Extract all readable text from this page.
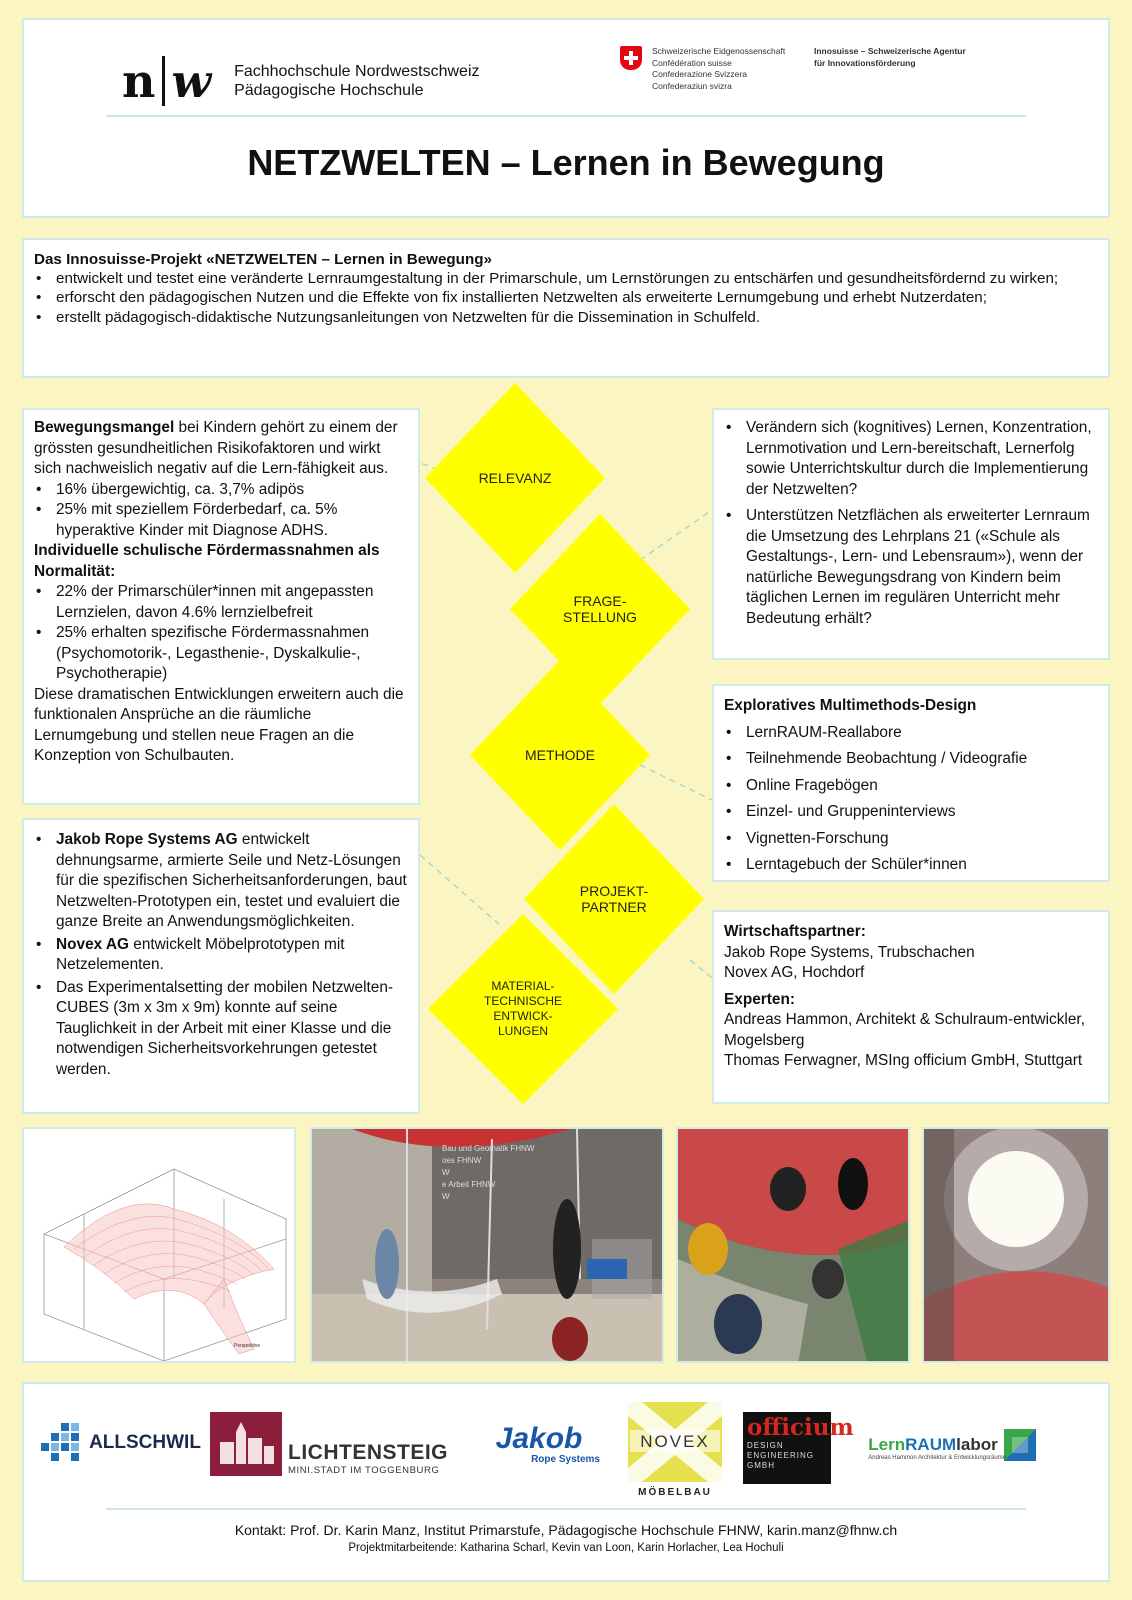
n w Fachhochschule Nordwestschweiz
Pädagogische Hochschule
Schweizerische Eidgenossenschaft
Confédération suisse
Confederazione Svizzera
Confederaziun svizra
Innosuisse – Schweizerische Agentur
für Innovationsförderung
NETZWELTEN – Lernen in Bewegung
Das Innosuisse-Projekt «NETZWELTEN – Lernen in Bewegung»
• entwickelt und testet eine veränderte Lernraumgestaltung in der Primarschule, um Lernstörungen zu entschärfen und gesundheitsfördernd zu wirken;
• erforscht den pädagogischen Nutzen und die Effekte von fix installierten Netzwelten als erweiterte Lernumgebung und erhebt Nutzerdaten;
• erstellt pädagogisch-didaktische Nutzungsanleitungen von Netzwelten für die Dissemination in Schulfeld.
RELEVANZ
FRAGE-
STELLUNG
METHODE
PROJEKT-
PARTNER
MATERIAL-
TECHNISCHE
ENTWICK-
LUNGEN
Bewegungsmangel bei Kindern gehört zu einem der grössten gesundheitlichen Risikofaktoren und wirkt sich nachweislich negativ auf die Lern-fähigkeit aus.
• 16% übergewichtig, ca. 3,7% adipös
• 25% mit speziellem Förderbedarf, ca. 5% hyperaktive Kinder mit Diagnose ADHS.
Individuelle schulische Fördermassnahmen als Normalität:
• 22% der Primarschüler*innen mit angepassten Lernzielen, davon 4.6% lernzielbefreit
• 25% erhalten spezifische Fördermassnahmen (Psychomotorik-, Legasthenie-, Dyskalkulie-, Psychotherapie)
Diese dramatischen Entwicklungen erweitern auch die funktionalen Ansprüche an die räumliche Lernumgebung und stellen neue Fragen an die Konzeption von Schulbauten.
• Jakob Rope Systems AG entwickelt dehnungsarme, armierte Seile und Netz-Lösungen für die spezifischen Sicherheitsanforderungen, baut Netzwelten-Prototypen ein, testet und evaluiert die ganze Breite an Anwendungsmöglichkeiten.
• Novex AG entwickelt Möbelprototypen mit Netzelementen.
• Das Experimentalsetting der mobilen Netzwelten-CUBES (3m x 3m x 9m) konnte auf seine Tauglichkeit in der Arbeit mit einer Klasse und die notwendigen Sicherheitsvorkehrungen getestet werden.
• Verändern sich (kognitives) Lernen, Konzentration, Lernmotivation und Lern-bereitschaft, Lernerfolg sowie Unterrichtskultur durch die Implementierung der Netzwelten?
• Unterstützen Netzflächen als erweiterter Lernraum die Umsetzung des Lehrplans 21 («Schule als Gestaltungs-, Lern- und Lebensraum»), wenn der natürliche Bewegungsdrang von Kindern beim täglichen Lernen im regulären Unterricht mehr Bedeutung erhält?
Exploratives Multimethods-Design
• LernRAUM-Reallabore
• Teilnehmende Beobachtung / Videografie
• Online Fragebögen
• Einzel- und Gruppeninterviews
• Vignetten-Forschung
• Lerntagebuch der Schüler*innen
Wirtschaftspartner:
Jakob Rope Systems, Trubschachen
Novex AG, Hochdorf
Experten:
Andreas Hammon, Architekt & Schulraum-entwickler, Mogelsberg
Thomas Ferwagner, MSIng officium GmbH, Stuttgart
Perspektive
Bau und Geomatik FHNW
oes FHNW
W
e Arbeit FHNW
W
ALLSCHWIL	LICHTENSTEIG
MINI.STADT IM TOGGENBURG
Jakob
Rope Systems
NOVEX
MÖBELBAU
officium
DESIGN
ENGINEERING
GMBH
Lern RAUM labor
Andreas Hammon Architektur & Entwicklungsräume
Kontakt: Prof. Dr. Karin Manz, Institut Primarstufe, Pädagogische Hochschule FHNW, karin.manz@fhnw.ch
Projektmitarbeitende: Katharina Scharl, Kevin van Loon, Karin Horlacher, Lea Hochuli
